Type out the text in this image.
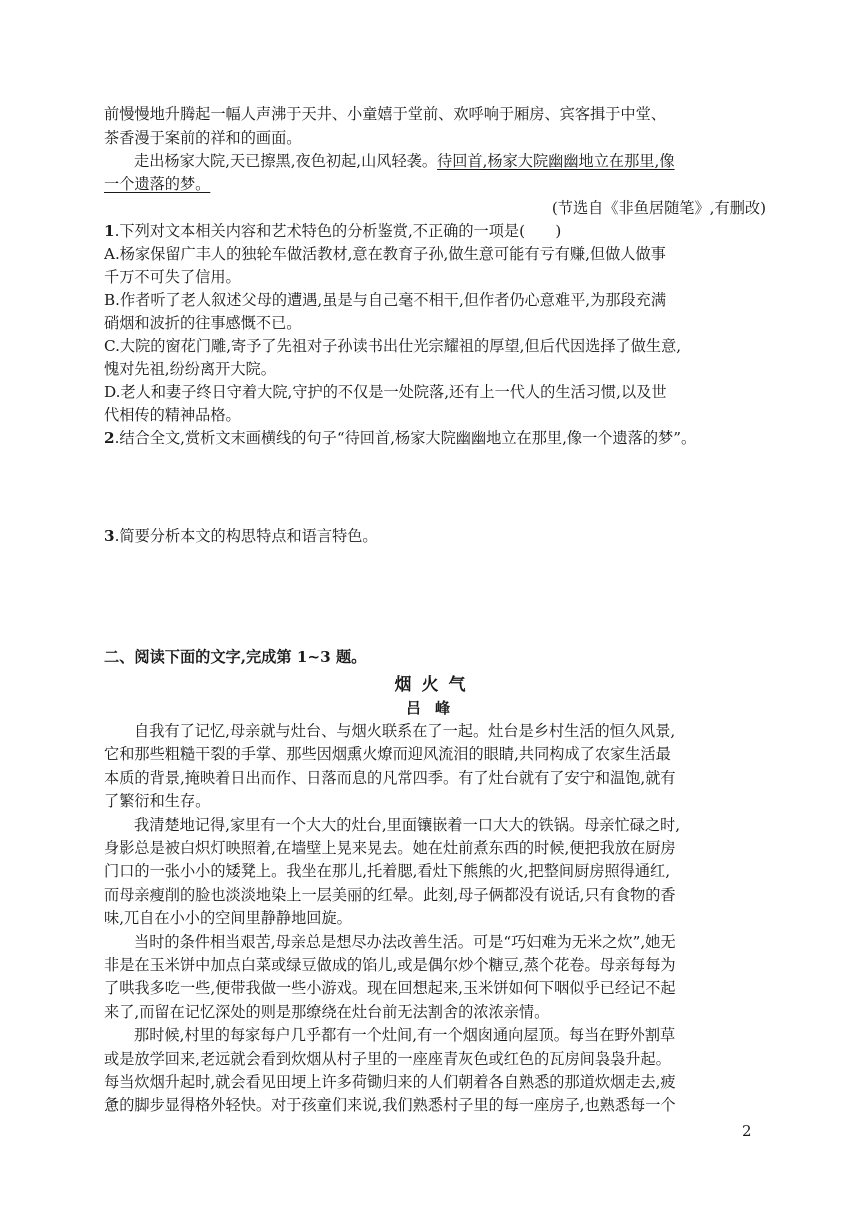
前慢慢地升腾起一幅人声沸于天井、小童嬉于堂前、欢呼响于厢房、宾客揖于中堂、
茶香漫于案前的祥和的画面。
走出杨家大院,天已擦黑,夜色初起,山风轻袭。待回首,杨家大院幽幽地立在那里,像
一个遗落的梦。
(节选自《非鱼居随笔》,有删改)
1.下列对文本相关内容和艺术特色的分析鉴赏,不正确的一项是(　　)
A.杨家保留广丰人的独轮车做活教材,意在教育子孙,做生意可能有亏有赚,但做人做事
千万不可失了信用。
B.作者听了老人叙述父母的遭遇,虽是与自己毫不相干,但作者仍心意难平,为那段充满
硝烟和波折的往事感慨不已。
C.大院的窗花门雕,寄予了先祖对子孙读书出仕光宗耀祖的厚望,但后代因选择了做生意,
愧对先祖,纷纷离开大院。
D.老人和妻子终日守着大院,守护的不仅是一处院落,还有上一代人的生活习惯,以及世
代相传的精神品格。
2.结合全文,赏析文末画横线的句子“待回首,杨家大院幽幽地立在那里,像一个遗落的梦”。
3.简要分析本文的构思特点和语言特色。
二、阅读下面的文字,完成第 1~3 题。
烟火气
吕峰
自我有了记忆,母亲就与灶台、与烟火联系在了一起。灶台是乡村生活的恒久风景,
它和那些粗糙干裂的手掌、那些因烟熏火燎而迎风流泪的眼睛,共同构成了农家生活最
本质的背景,掩映着日出而作、日落而息的凡常四季。有了灶台就有了安宁和温饱,就有
了繁衍和生存。
我清楚地记得,家里有一个大大的灶台,里面镶嵌着一口大大的铁锅。母亲忙碌之时,
身影总是被白炽灯映照着,在墙壁上晃来晃去。她在灶前煮东西的时候,便把我放在厨房
门口的一张小小的矮凳上。我坐在那儿,托着腮,看灶下熊熊的火,把整间厨房照得通红,
而母亲瘦削的脸也淡淡地染上一层美丽的红晕。此刻,母子俩都没有说话,只有食物的香
味,兀自在小小的空间里静静地回旋。
当时的条件相当艰苦,母亲总是想尽办法改善生活。可是“巧妇难为无米之炊”,她无
非是在玉米饼中加点白菜或绿豆做成的馅儿,或是偶尔炒个糖豆,蒸个花卷。母亲每每为
了哄我多吃一些,便带我做一些小游戏。现在回想起来,玉米饼如何下咽似乎已经记不起
来了,而留在记忆深处的则是那缭绕在灶台前无法割舍的浓浓亲情。
那时候,村里的每家每户几乎都有一个灶间,有一个烟囱通向屋顶。每当在野外割草
或是放学回来,老远就会看到炊烟从村子里的一座座青灰色或红色的瓦房间袅袅升起。
每当炊烟升起时,就会看见田埂上许多荷锄归来的人们朝着各自熟悉的那道炊烟走去,疲
惫的脚步显得格外轻快。对于孩童们来说,我们熟悉村子里的每一座房子,也熟悉每一个
2
